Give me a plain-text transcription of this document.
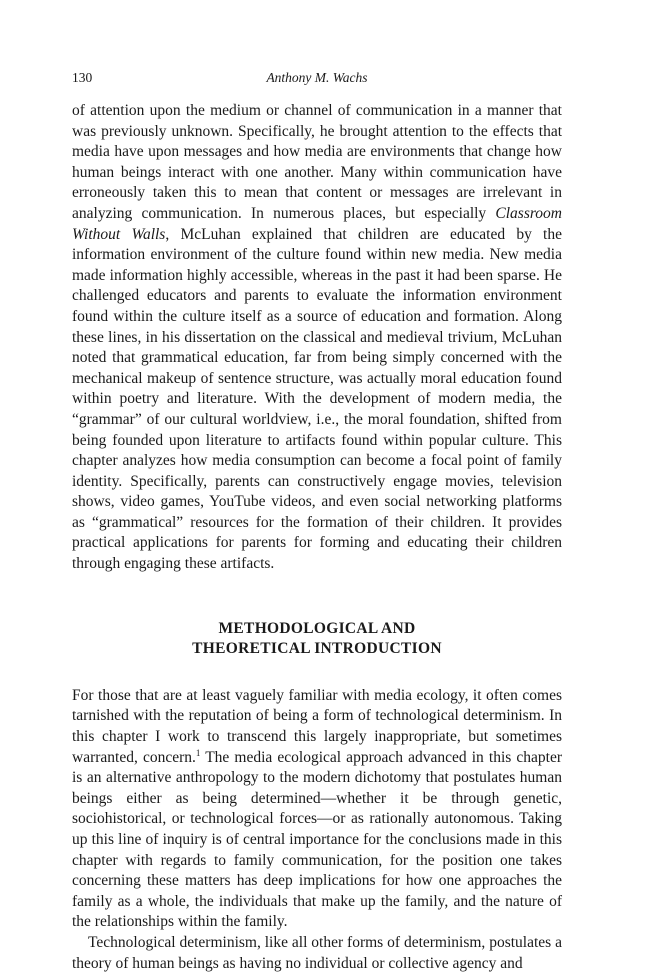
130	Anthony M. Wachs

of attention upon the medium or channel of communication in a manner that was previously unknown. Specifically, he brought attention to the effects that media have upon messages and how media are environments that change how human beings interact with one another. Many within communication have erroneously taken this to mean that content or messages are irrelevant in analyzing communication. In numerous places, but especially Classroom Without Walls, McLuhan explained that children are educated by the information environment of the culture found within new media. New media made information highly accessible, whereas in the past it had been sparse. He challenged educators and parents to evaluate the information environment found within the culture itself as a source of education and formation. Along these lines, in his dissertation on the classical and medieval trivium, McLuhan noted that grammatical education, far from being simply concerned with the mechanical makeup of sentence structure, was actually moral education found within poetry and literature. With the development of modern media, the “grammar” of our cultural worldview, i.e., the moral foundation, shifted from being founded upon literature to artifacts found within popular culture. This chapter analyzes how media consumption can become a focal point of family identity. Specifically, parents can constructively engage movies, television shows, video games, YouTube videos, and even social networking platforms as “grammatical” resources for the formation of their children. It provides practical applications for parents for forming and educating their children through engaging these artifacts.

METHODOLOGICAL AND
THEORETICAL INTRODUCTION

For those that are at least vaguely familiar with media ecology, it often comes tarnished with the reputation of being a form of technological determinism. In this chapter I work to transcend this largely inappropriate, but sometimes warranted, concern.$^1$ The media ecological approach advanced in this chapter is an alternative anthropology to the modern dichotomy that postulates human beings either as being determined—whether it be through genetic, sociohistorical, or technological forces—or as rationally autonomous. Taking up this line of inquiry is of central importance for the conclusions made in this chapter with regards to family communication, for the position one takes concerning these matters has deep implications for how one approaches the family as a whole, the individuals that make up the family, and the nature of the relationships within the family.

Technological determinism, like all other forms of determinism, postulates a theory of human beings as having no individual or collective agency and
